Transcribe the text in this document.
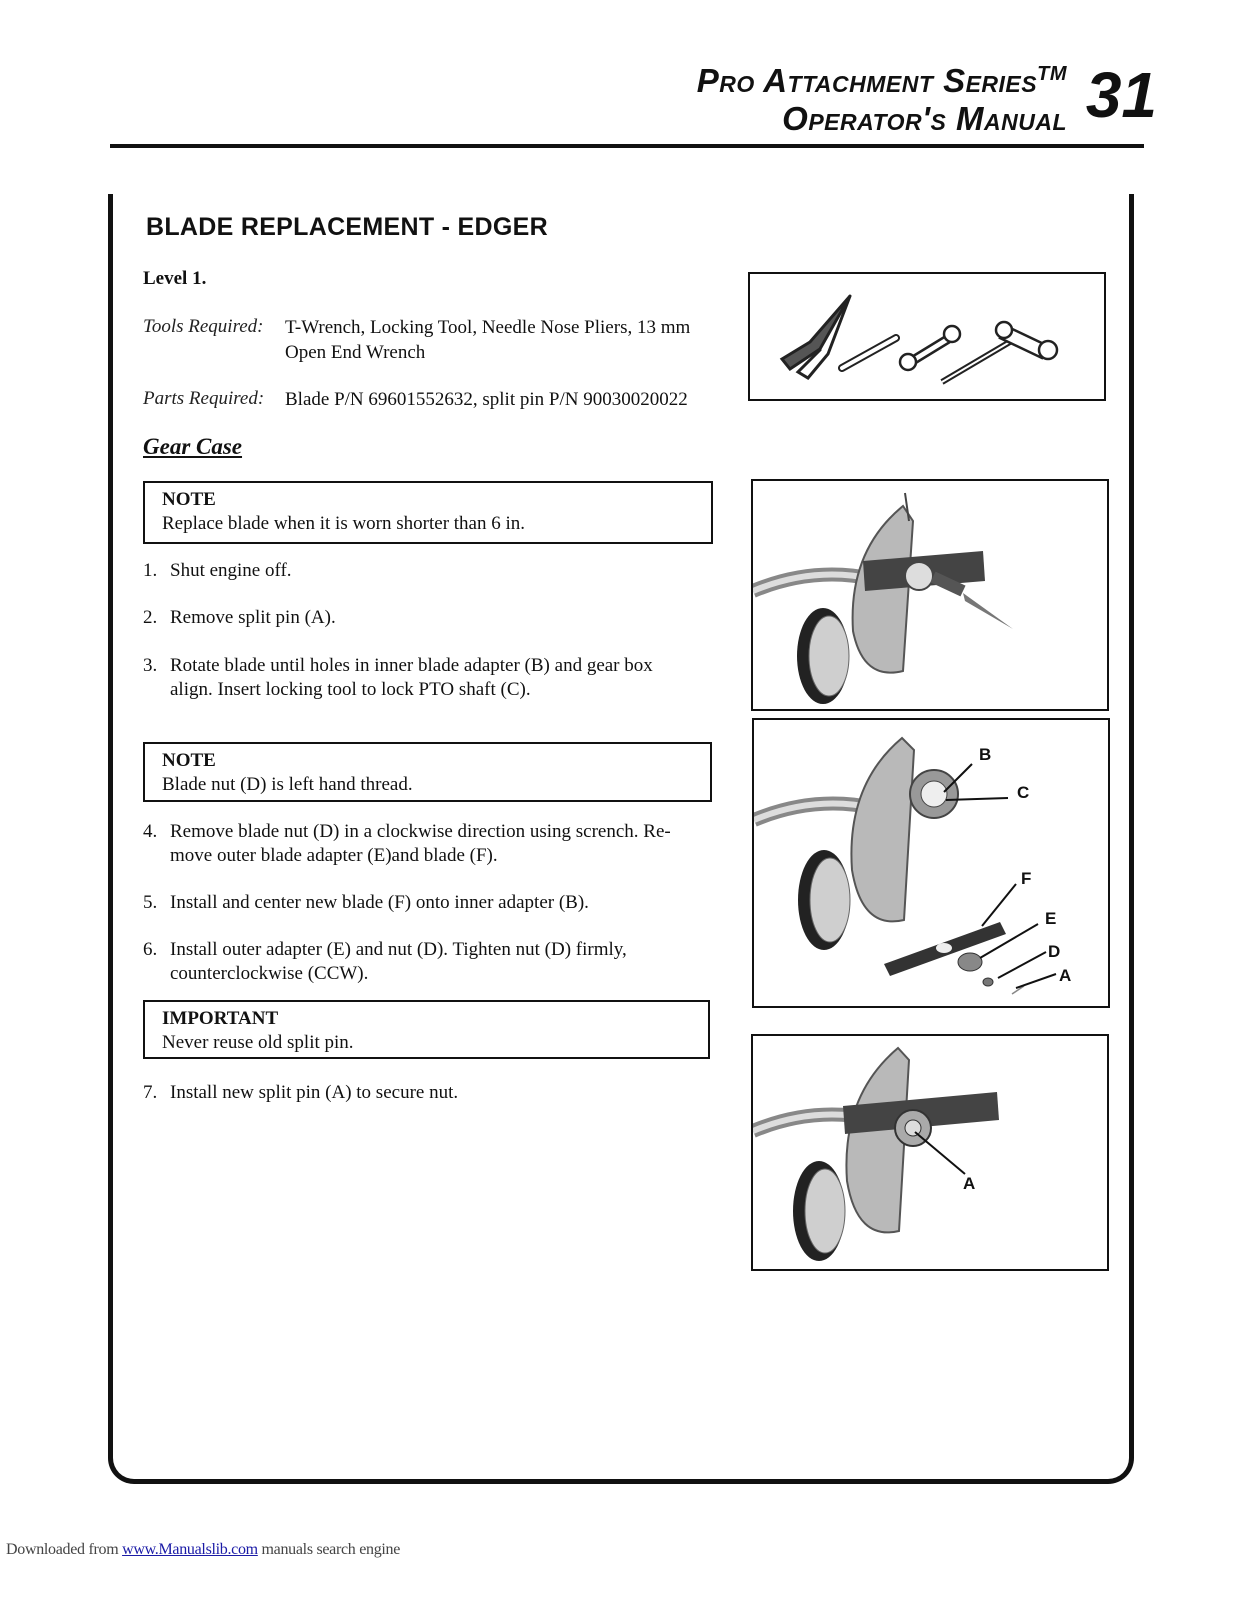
Pro Attachment Series™
Operator's Manual 31
BLADE REPLACEMENT - EDGER
Level 1.
Tools Required: T-Wrench, Locking Tool, Needle Nose Pliers, 13 mm
Open End Wrench
Parts Required: Blade P/N 69601552632, split pin P/N 90030020022
Gear Case
NOTE
Replace blade when it is worn shorter than 6 in.
1. Shut engine off.
2. Remove split pin (A).
3. Rotate blade until holes in inner blade adapter (B) and gear box
align. Insert locking tool to lock PTO shaft (C).
NOTE
Blade nut (D) is left hand thread.
4. Remove blade nut (D) in a clockwise direction using scrench. Re-
move outer blade adapter (E)and blade (F).
5. Install and center new blade (F) onto inner adapter (B).
6. Install outer adapter (E) and nut (D). Tighten nut (D) firmly,
counterclockwise (CCW).
IMPORTANT
Never reuse old split pin.
7. Install new split pin (A) to secure nut.
B
C
F
E
D
A
A
Downloaded from www.Manualslib.com manuals search engine
